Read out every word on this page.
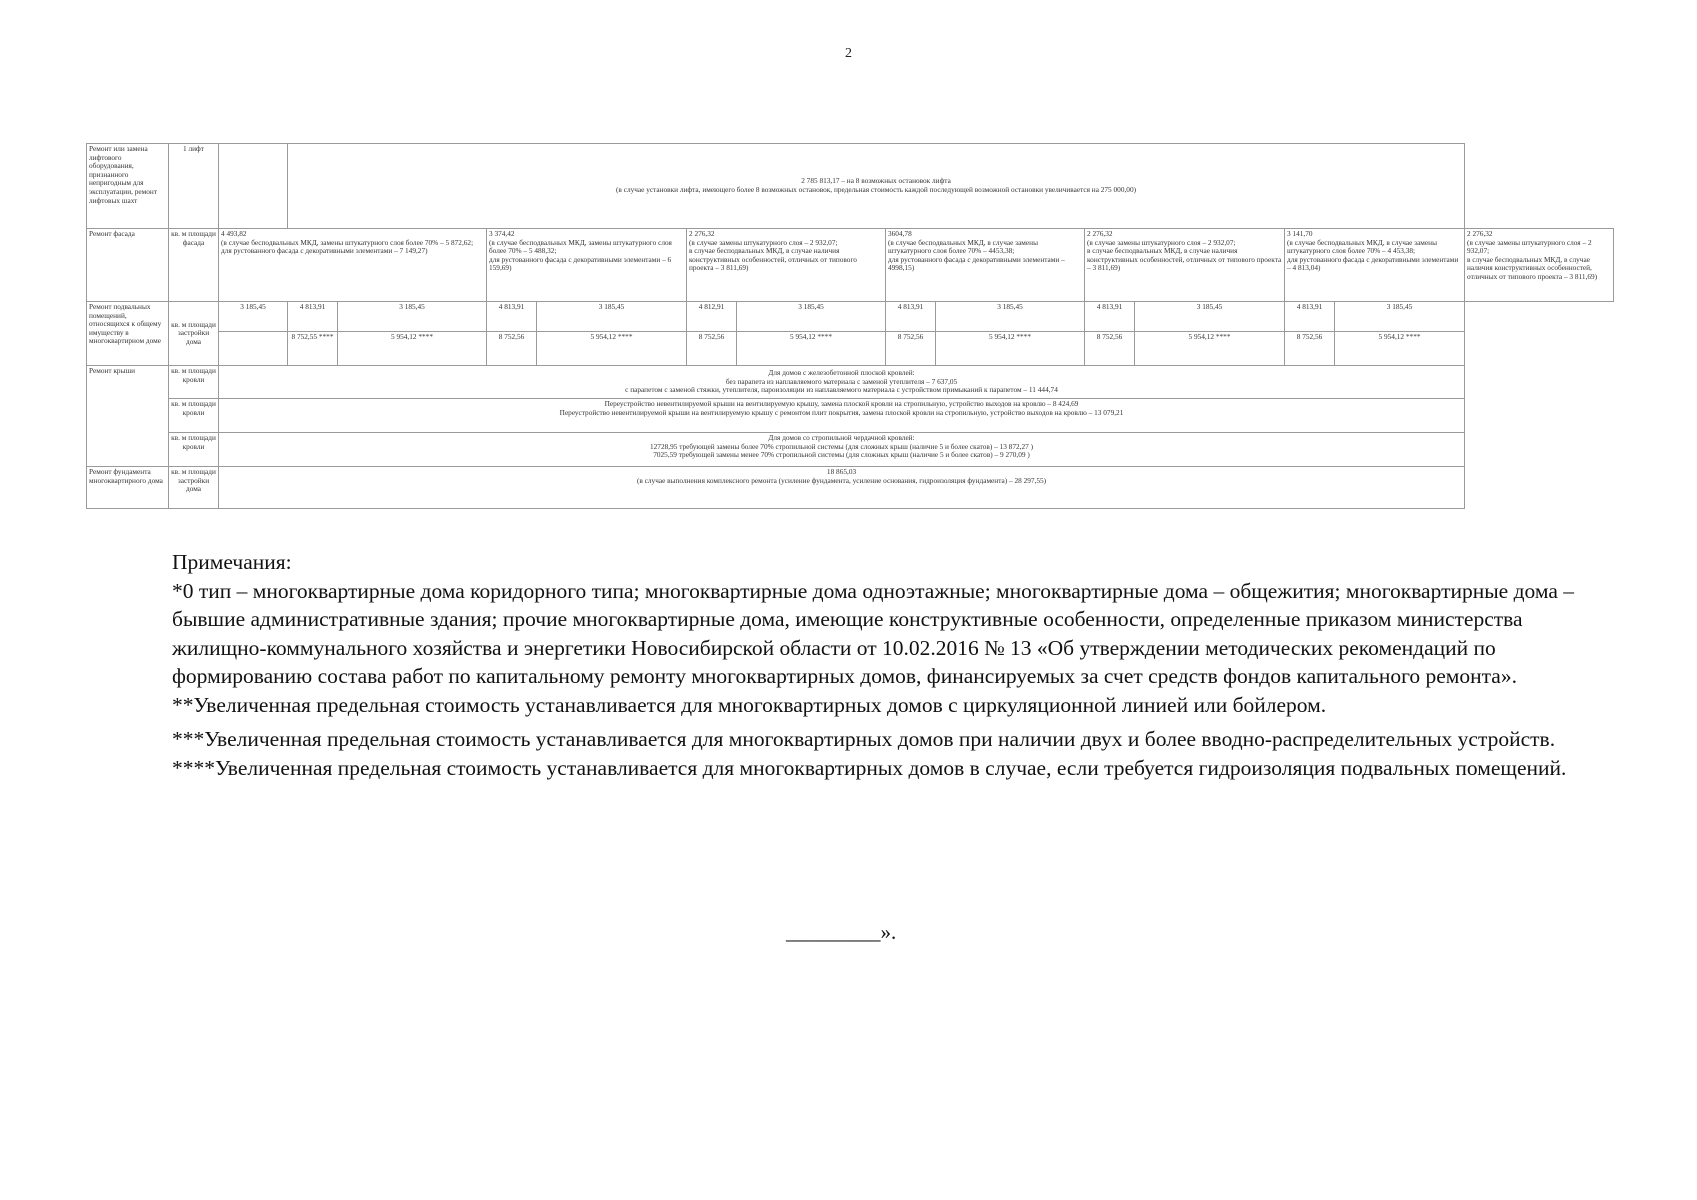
2
Ремонт или замена лифтового оборудования, признанного непригодным для эксплуатации, ремонт лифтовых шахт	1 лифт		2 785 813,17 – на 8 возможных остановок лифта
(в случае установки лифта, имеющего более 8 возможных остановок, предельная стоимость каждой последующей возможной остановки увеличивается на 275 000,00)												

Ремонт фасада	кв. м площади фасада	4 493,82
(в случае бесподвальных МКД, замены штукатурного слоя более 70% – 5 872,62;
для рустованного фасада с декоративными элементами – 7 149,27)			3 374,42
(в случае бесподвальных МКД, замены штукатурного слоя более 70% – 5 488,32;
для рустованного фасада с декоративными элементами – 6 159,69)		2 276,32
(в случае замены штукатурного слоя – 2 932,07;
в случае бесподвальных МКД, в случае наличия конструктивных особенностей, отличных от типового проекта – 3 811,69)		3604,78
(в случае бесподвальных МКД, в случае замены штукатурного слоя более 70% – 4453,38;
для рустованного фасада с декоративными элементами – 4998,15)		2 276,32
(в случае замены штукатурного слоя – 2 932,07;
в случае бесподвальных МКД, в случае наличия конструктивных особенностей, отличных от типового проекта – 3 811,69)		3 141,70
(в случае бесподвальных МКД, в случае замены штукатурного слоя более 70% – 4 453,38;
для рустованного фасада с декоративными элементами – 4 813,04)		2 276,32
(в случае замены штукатурного слоя – 2 932,07;
в случае бесподвальных МКД, в случае наличия конструктивных особенностей, отличных от типового проекта – 3 811,69)
Ремонт подвальных помещений, относящихся к общему имуществу в многоквартирном доме	кв. м площади застройки дома	3 185,45	4 813,91	3 185,45	4 813,91	3 185,45	4 812,91	3 185,45	4 813,91	3 185,45	4 813,91	3 185,45	4 813,91	3 185,45	
			8 752,55 ****	5 954,12 ****	8 752,56	5 954,12 ****	8 752,56	5 954,12 ****	8 752,56	5 954,12 ****	8 752,56	5 954,12 ****	8 752,56	5 954,12 ****	
Ремонт крыши	кв. м площади кровли	Для домов с железобетонной плоской кровлей:
без парапета из наплавляемого материала с заменой утеплителя – 7 637,05
с парапетом с заменой стяжки, утеплителя, пароизоляции из наплавляемого материала с устройством примыканий к парапетом – 11 444,74													

	кв. м площади кровли	Переустройство невентилируемой крыши на вентилируемую крышу, замена плоской кровли на стропильную, устройство выходов на кровлю – 8 424,69
Переустройство невентилируемой крыши на вентилируемую крышу с ремонтом плит покрытия, замена плоской кровли на стропильную, устройство выходов на кровлю – 13 079,21													

	кв. м площади кровли	Для домов со стропильной чердачной кровлей:
12728,95 требующей замены более 70% стропильной системы (для сложных крыш (наличие 5 и более скатов) – 13 872,27 )
7025,59 требующей замены менее 70% стропильной системы (для сложных крыш (наличие 5 и более скатов) – 9 270,09 )													

Ремонт фундамента многоквартирного дома	кв. м площади застройки дома	18 865,03
(в случае выполнения комплексного ремонта (усиление фундамента, усиление основания, гидроизоляция фундамента) – 28 297,55)													

Примечания:

*0 тип – многоквартирные дома коридорного типа; многоквартирные дома одноэтажные; многоквартирные дома – общежития; многоквартирные дома – бывшие административные здания; прочие многоквартирные дома, имеющие конструктивные особенности, определенные приказом министерства жилищно-коммунального хозяйства и энергетики Новосибирской области от 10.02.2016 № 13 «Об утверждении методических рекомендаций по формированию состава работ по капитальному ремонту многоквартирных домов, финансируемых за счет средств фондов капитального ремонта».

**Увеличенная предельная стоимость устанавливается для многоквартирных домов с циркуляционной линией или бойлером.

***Увеличенная предельная стоимость устанавливается для многоквартирных домов при наличии двух и более вводно-распределительных устройств.

****Увеличенная предельная стоимость устанавливается для многоквартирных домов в случае, если требуется гидроизоляция подвальных помещений.

_________».
